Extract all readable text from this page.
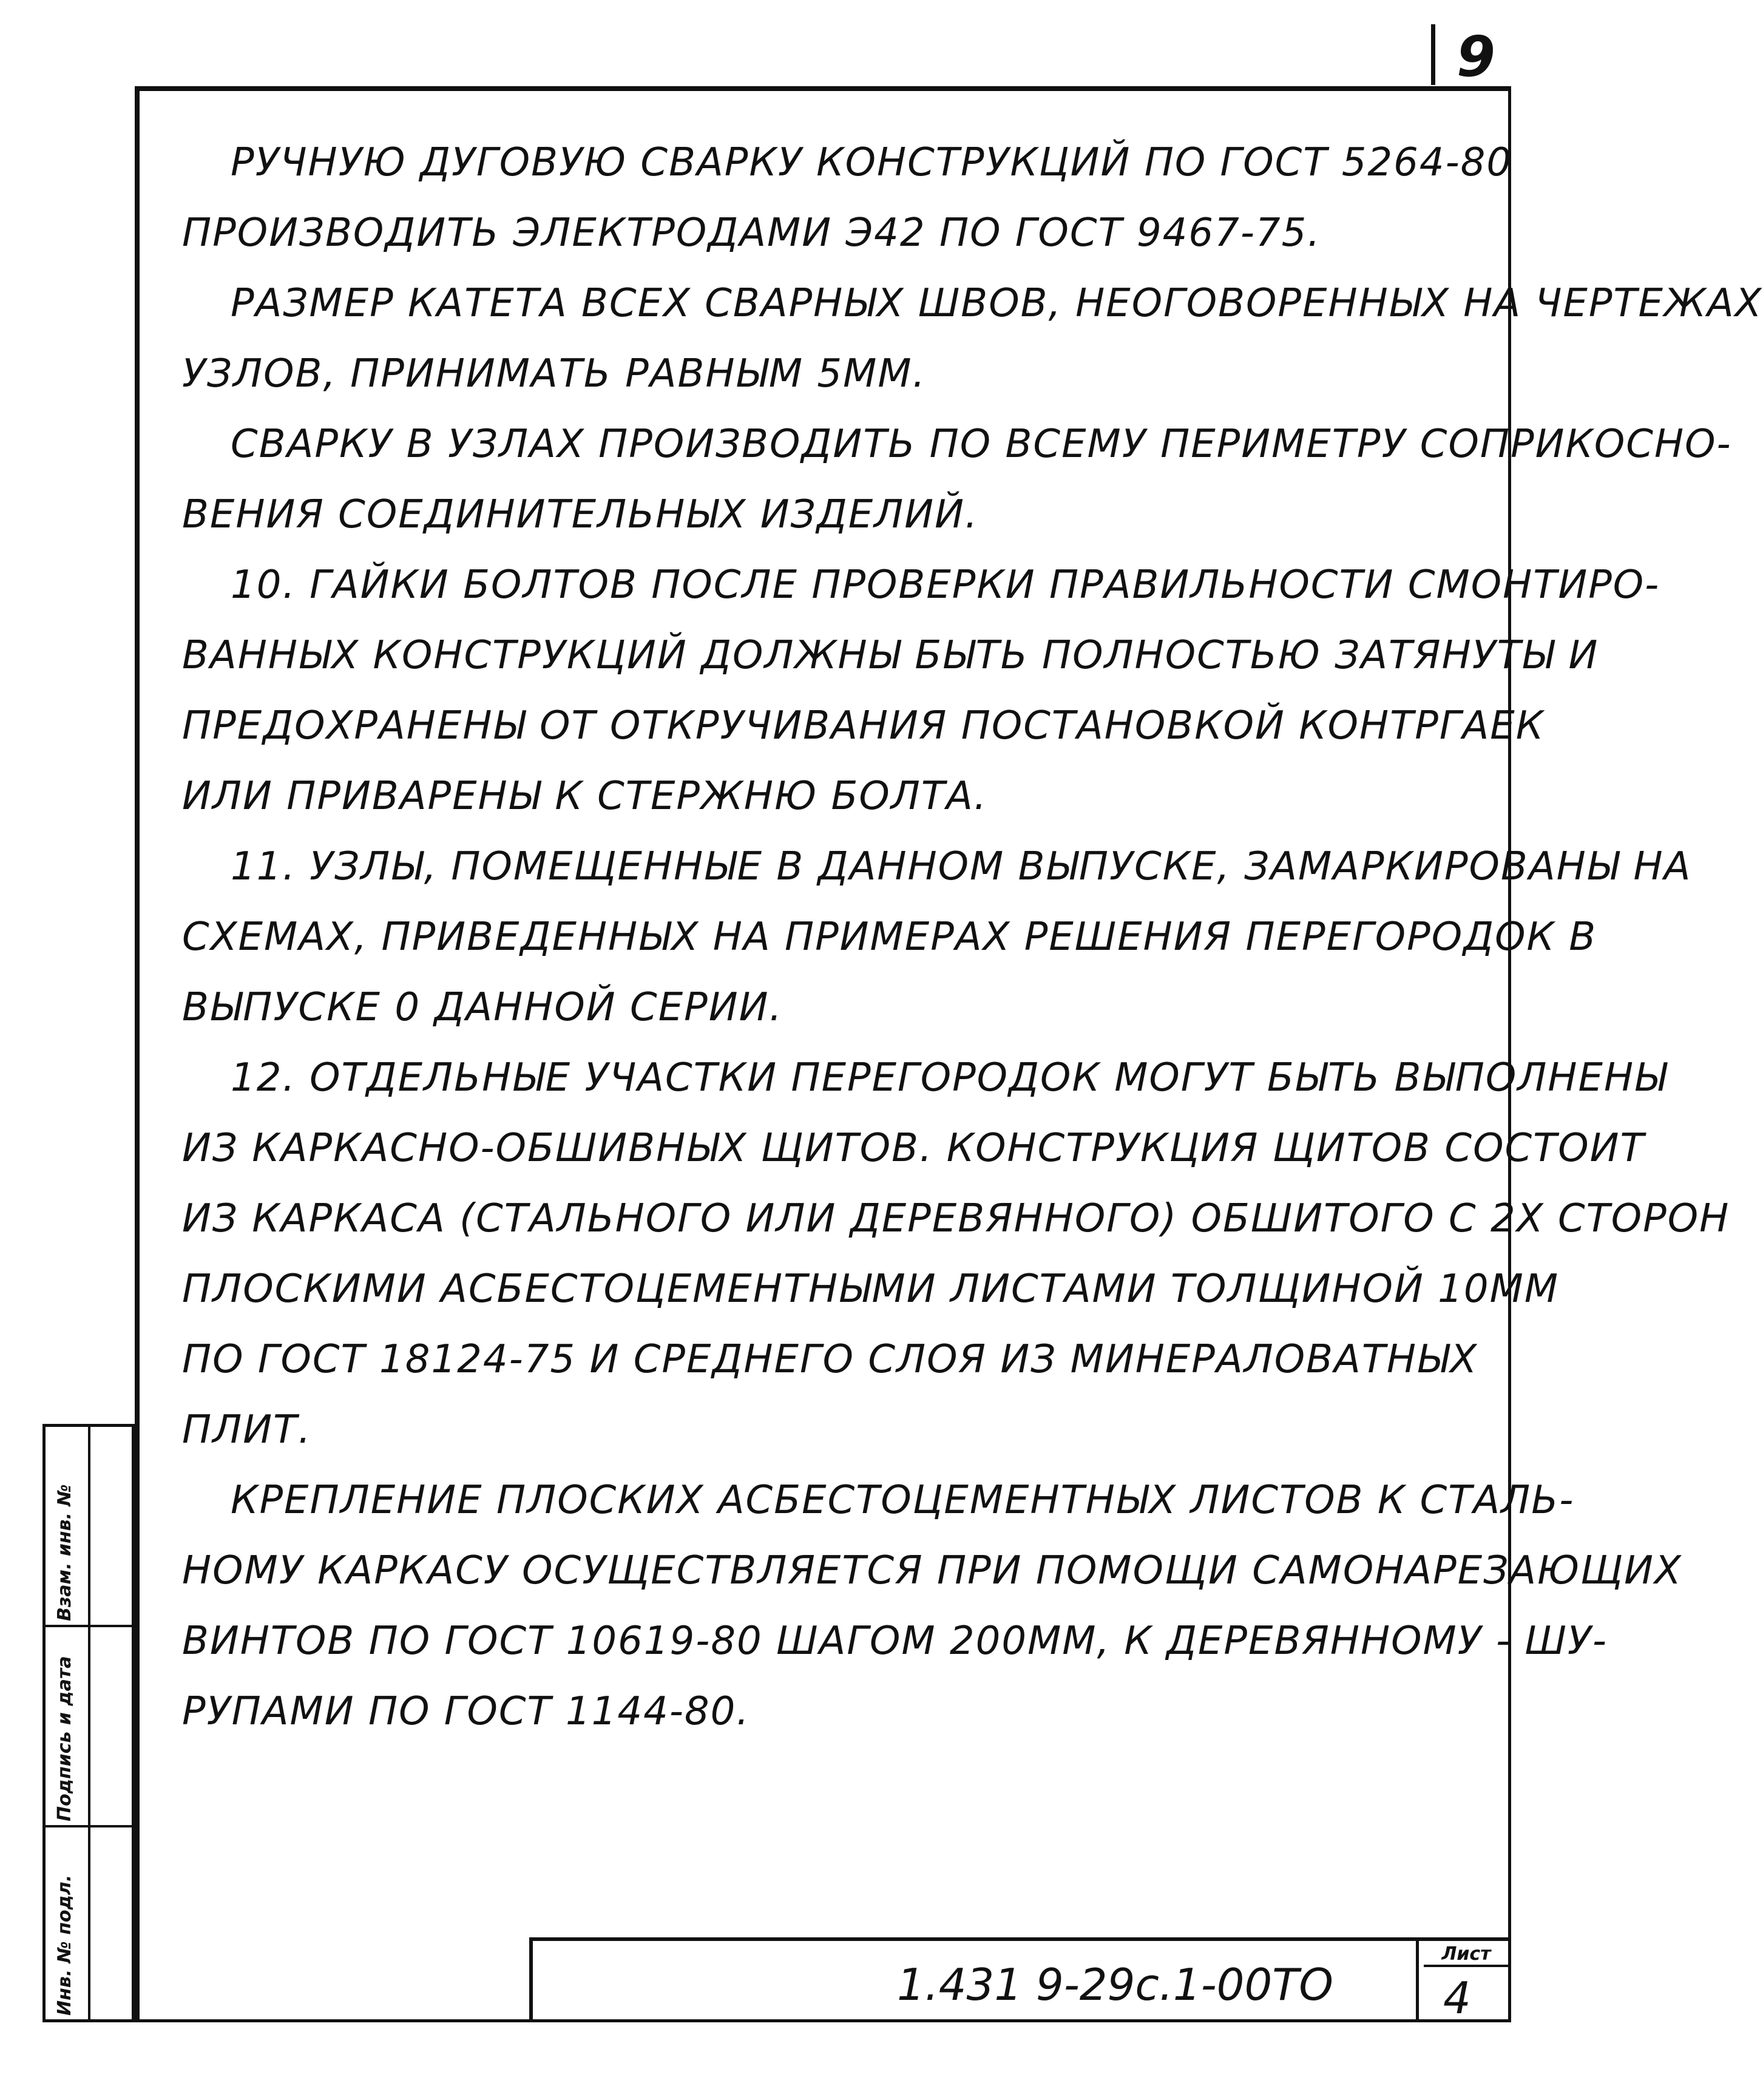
9
РУЧНУЮ ДУГОВУЮ СВАРКУ КОНСТРУКЦИЙ ПО ГОСТ 5264-80
ПРОИЗВОДИТЬ ЭЛЕКТРОДАМИ Э42 ПО ГОСТ 9467-75.
РАЗМЕР КАТЕТА ВСЕХ СВАРНЫХ ШВОВ, НЕОГОВОРЕННЫХ НА ЧЕРТЕЖАХ
УЗЛОВ, ПРИНИМАТЬ РАВНЫМ 5ММ.
СВАРКУ В УЗЛАХ ПРОИЗВОДИТЬ ПО ВСЕМУ ПЕРИМЕТРУ СОПРИКОСНО-
ВЕНИЯ СОЕДИНИТЕЛЬНЫХ ИЗДЕЛИЙ.
10. ГАЙКИ БОЛТОВ ПОСЛЕ ПРОВЕРКИ ПРАВИЛЬНОСТИ СМОНТИРО-
ВАННЫХ КОНСТРУКЦИЙ ДОЛЖНЫ БЫТЬ ПОЛНОСТЬЮ ЗАТЯНУТЫ И
ПРЕДОХРАНЕНЫ ОТ ОТКРУЧИВАНИЯ ПОСТАНОВКОЙ КОНТРГАЕК
ИЛИ ПРИВАРЕНЫ К СТЕРЖНЮ БОЛТА.
11. УЗЛЫ, ПОМЕЩЕННЫЕ В ДАННОМ ВЫПУСКЕ, ЗАМАРКИРОВАНЫ НА
СХЕМАХ, ПРИВЕДЕННЫХ НА ПРИМЕРАХ РЕШЕНИЯ ПЕРЕГОРОДОК В
ВЫПУСКЕ 0 ДАННОЙ СЕРИИ.
12. ОТДЕЛЬНЫЕ УЧАСТКИ ПЕРЕГОРОДОК МОГУТ БЫТЬ ВЫПОЛНЕНЫ
ИЗ КАРКАСНО-ОБШИВНЫХ ЩИТОВ. КОНСТРУКЦИЯ ЩИТОВ СОСТОИТ
ИЗ КАРКАСА (СТАЛЬНОГО ИЛИ ДЕРЕВЯННОГО) ОБШИТОГО С 2Х СТОРОН
ПЛОСКИМИ АСБЕСТОЦЕМЕНТНЫМИ ЛИСТАМИ ТОЛЩИНОЙ 10ММ
ПО ГОСТ 18124-75 И СРЕДНЕГО СЛОЯ ИЗ МИНЕРАЛОВАТНЫХ
ПЛИТ.
КРЕПЛЕНИЕ ПЛОСКИХ АСБЕСТОЦЕМЕНТНЫХ ЛИСТОВ К СТАЛЬ-
НОМУ КАРКАСУ ОСУЩЕСТВЛЯЕТСЯ ПРИ ПОМОЩИ САМОНАРЕЗАЮЩИХ
ВИНТОВ ПО ГОСТ 10619-80 ШАГОМ 200ММ, К ДЕРЕВЯННОМУ - ШУ-
РУПАМИ ПО ГОСТ 1144-80.
Взам. инв. №
Подпись и дата
Инв. № подл.	1.431 9-29с.1-00ТО
Лист
4
